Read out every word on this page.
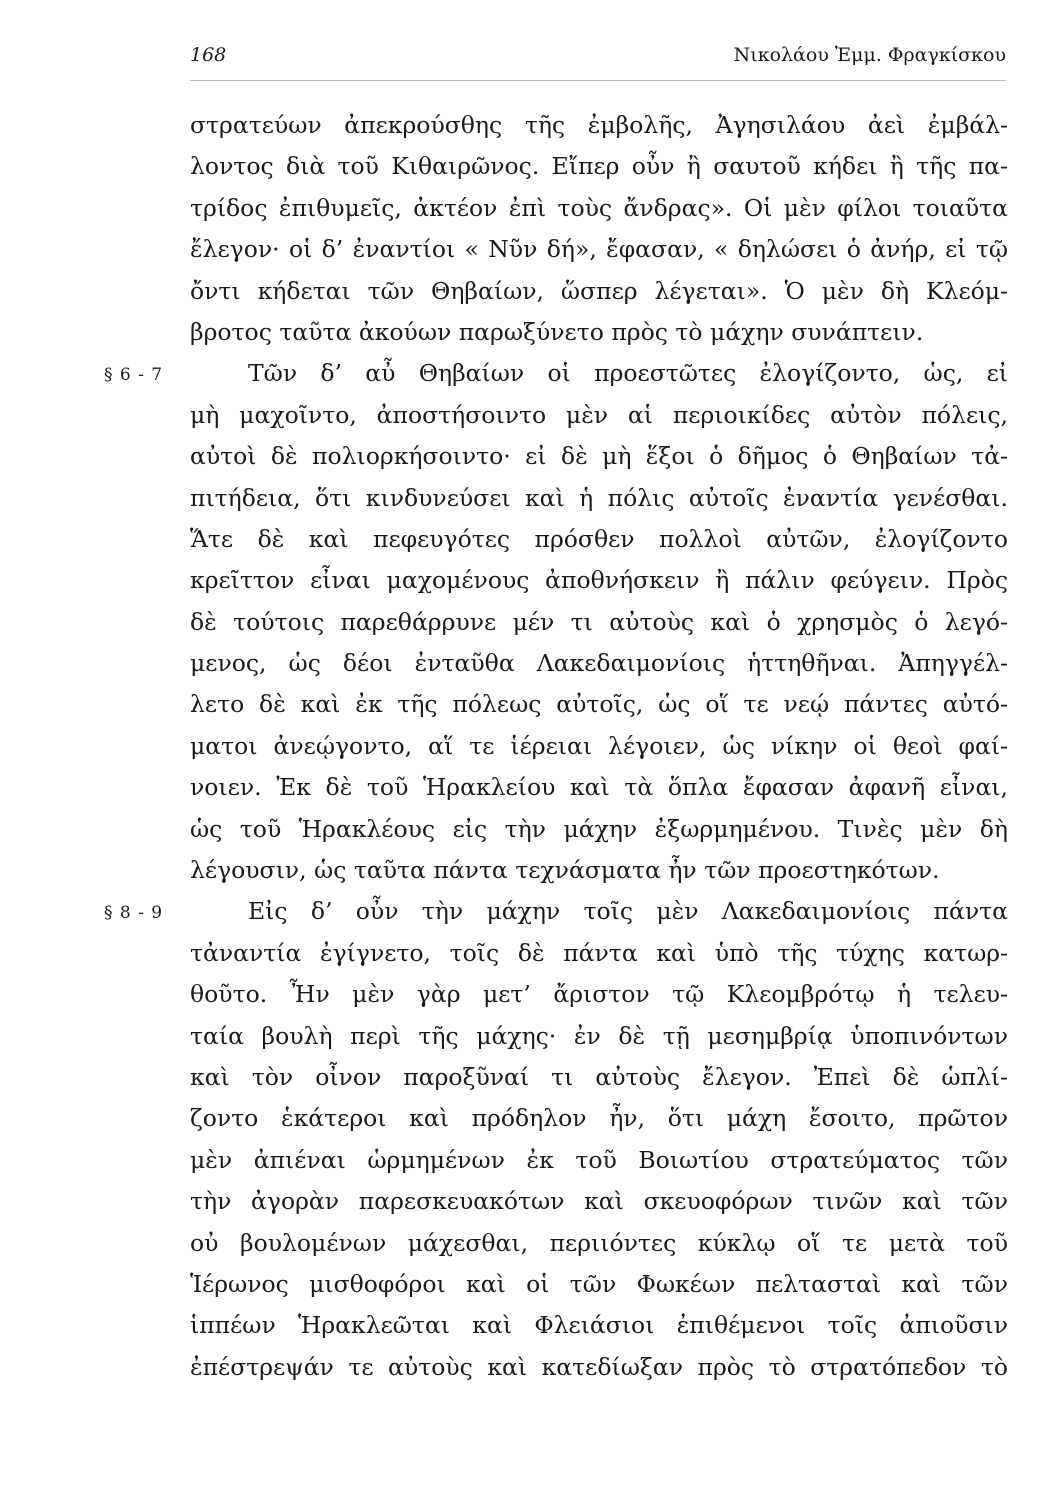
168	Νικολάου Ἐμμ. Φραγκίσκου
στρατεύων ἀπεκρούσθης τῆς ἐμβολῆς, Ἀγησιλάου ἀεὶ ἐμβάλ-
λοντος διὰ τοῦ Κιθαιρῶνος. Εἴπερ οὖν ἢ σαυτοῦ κήδει ἢ τῆς πα-
τρίδος ἐπιθυμεῖς, ἀκτέον ἐπὶ τοὺς ἄνδρας». Οἱ μὲν φίλοι τοιαῦτα
ἔλεγον· οἱ δ’ ἐναντίοι « Νῦν δή», ἔφασαν, « δηλώσει ὁ ἀνήρ, εἰ τῷ
ὄντι κήδεται τῶν Θηβαίων, ὥσπερ λέγεται». Ὁ μὲν δὴ Κλεόμ-
βροτος ταῦτα ἀκούων παρωξύνετο πρὸς τὸ μάχην συνάπτειν.
§ 6 - 7	Τῶν δ’ αὖ Θηβαίων οἱ προεστῶτες ἐλογίζοντο, ὡς, εἰ
μὴ μαχοῖντο, ἀποστήσοιντο μὲν αἱ περιοικίδες αὐτὸν πόλεις,
αὐτοὶ δὲ πολιορκήσοιντο· εἰ δὲ μὴ ἕξοι ὁ δῆμος ὁ Θηβαίων τἀ-
πιτήδεια, ὅτι κινδυνεύσει καὶ ἡ πόλις αὐτοῖς ἐναντία γενέσθαι.
Ἅτε δὲ καὶ πεφευγότες πρόσθεν πολλοὶ αὐτῶν, ἐλογίζοντο
κρεῖττον εἶναι μαχομένους ἀποθνήσκειν ἢ πάλιν φεύγειν. Πρὸς
δὲ τούτοις παρεθάρρυνε μέν τι αὐτοὺς καὶ ὁ χρησμὸς ὁ λεγό-
μενος, ὡς δέοι ἐνταῦθα Λακεδαιμονίοις ἡττηθῆναι. Ἀπηγγέλ-
λετο δὲ καὶ ἐκ τῆς πόλεως αὐτοῖς, ὡς οἵ τε νεῴ πάντες αὐτό-
ματοι ἀνεῴγοντο, αἵ τε ἱέρειαι λέγοιεν, ὡς νίκην οἱ θεοὶ φαί-
νοιεν. Ἐκ δὲ τοῦ Ἡρακλείου καὶ τὰ ὅπλα ἔφασαν ἀφανῆ εἶναι,
ὡς τοῦ Ἡρακλέους εἰς τὴν μάχην ἐξωρμημένου. Τινὲς μὲν δὴ
λέγουσιν, ὡς ταῦτα πάντα τεχνάσματα ἦν τῶν προεστηκότων.
§ 8 - 9	Εἰς δ’ οὖν τὴν μάχην τοῖς μὲν Λακεδαιμονίοις πάντα
τἀναντία ἐγίγνετο, τοῖς δὲ πάντα καὶ ὑπὸ τῆς τύχης κατωρ-
θοῦτο. Ἦν μὲν γὰρ μετ’ ἄριστον τῷ Κλεομβρότῳ ἡ τελευ-
ταία βουλὴ περὶ τῆς μάχης· ἐν δὲ τῇ μεσημβρίᾳ ὑποπινόντων
καὶ τὸν οἶνον παροξῦναί τι αὐτοὺς ἔλεγον. Ἐπεὶ δὲ ὡπλί-
ζοντο ἑκάτεροι καὶ πρόδηλον ἦν, ὅτι μάχη ἔσοιτο, πρῶτον
μὲν ἀπιέναι ὡρμημένων ἐκ τοῦ Βοιωτίου στρατεύματος τῶν
τὴν ἀγορὰν παρεσκευακότων καὶ σκευοφόρων τινῶν καὶ τῶν
οὐ βουλομένων μάχεσθαι, περιιόντες κύκλῳ οἵ τε μετὰ τοῦ
Ἱέρωνος μισθοφόροι καὶ οἱ τῶν Φωκέων πελτασταὶ καὶ τῶν
ἱππέων Ἡρακλεῶται καὶ Φλειάσιοι ἐπιθέμενοι τοῖς ἀπιοῦσιν
ἐπέστρεψάν τε αὐτοὺς καὶ κατεδίωξαν πρὸς τὸ στρατόπεδον τὸ
